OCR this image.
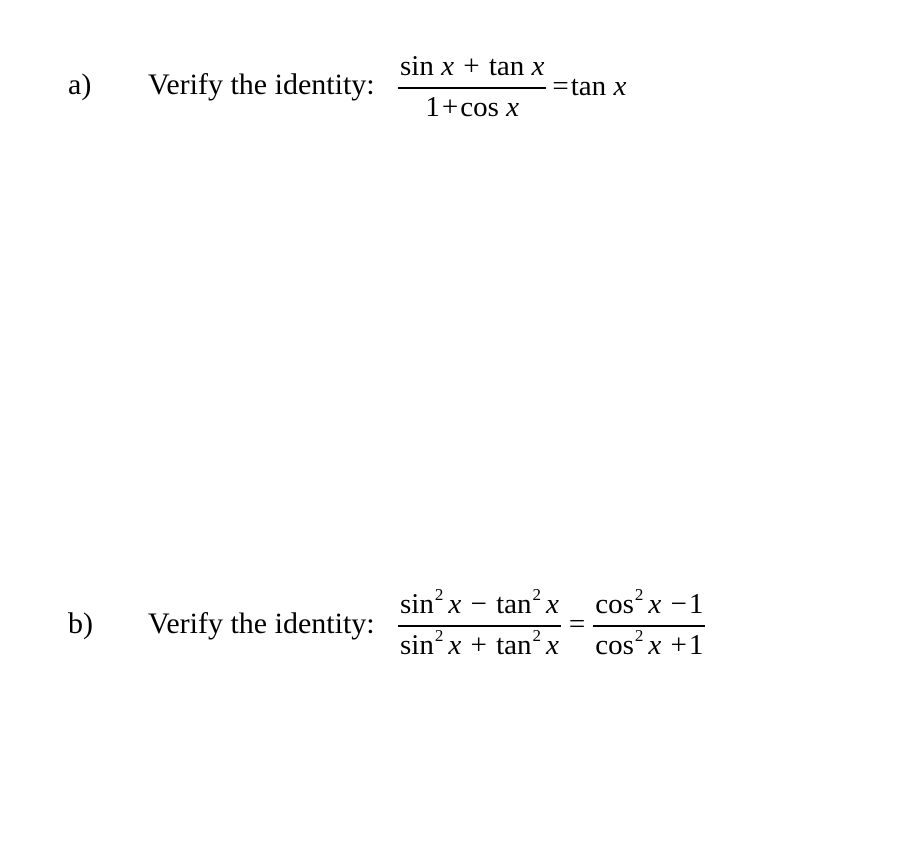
a) Verify the identity: $\frac{\text{sin x + tan x}}{\text{1+cos x}} = \tan x$
b) Verify the identity: $\frac{\sin^2 x - \tan^2 x}{\sin^2 x + \tan^2 x} = \frac{\cos^2 x -1}{\cos^2 x +1}$
